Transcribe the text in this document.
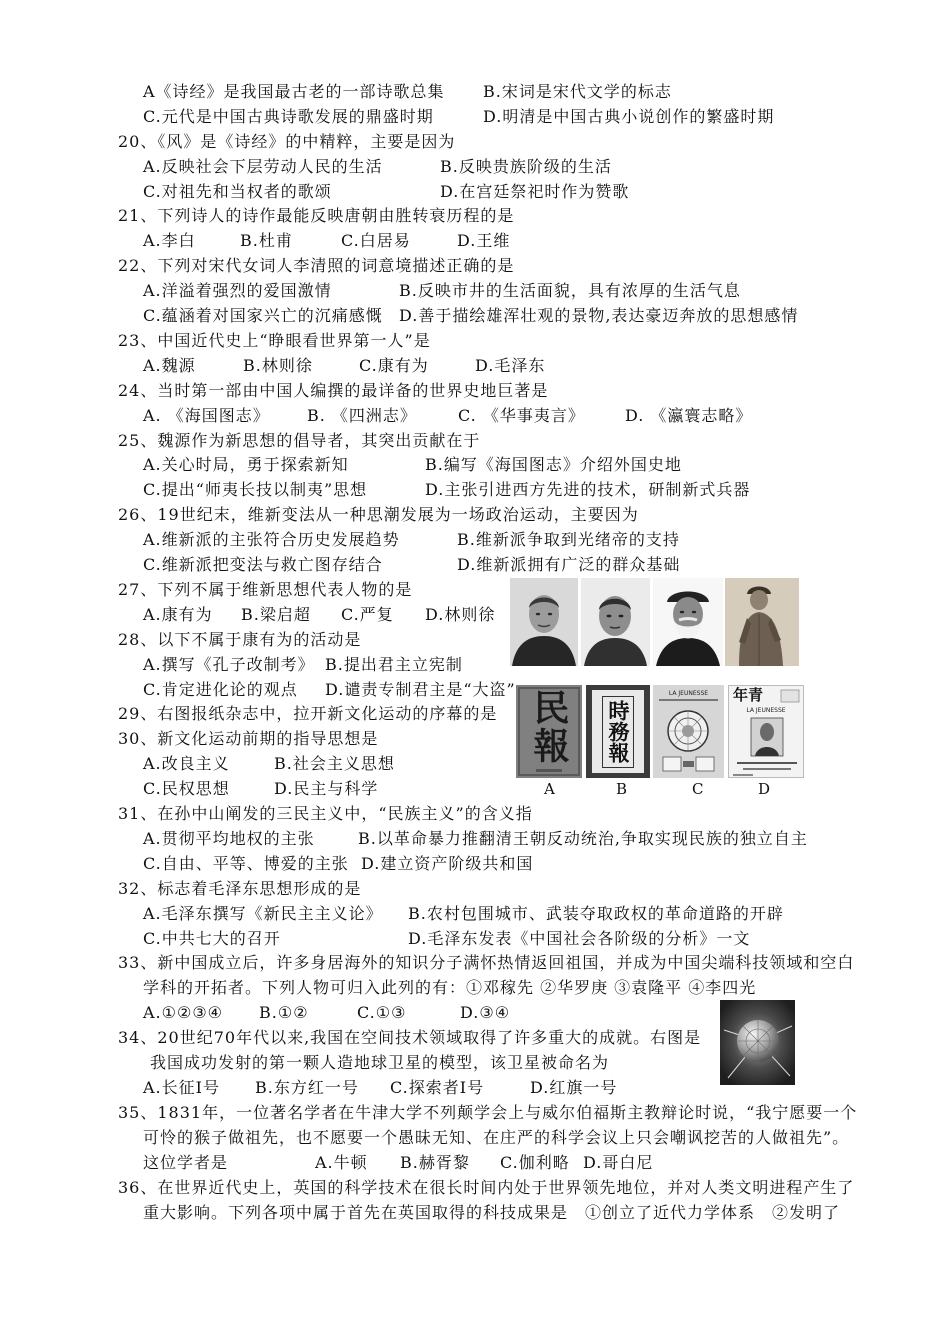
A《诗经》是我国最古老的一部诗歌总集 B.宋词是宋代文学的标志
C.元代是中国古典诗歌发展的鼎盛时期	D.明清是中国古典小说创作的繁盛时期
20、《风》是《诗经》的中精粹，主要是因为
A.反映社会下层劳动人民的生活	B.反映贵族阶级的生活
C.对祖先和当权者的歌颂	D.在宫廷祭祀时作为赞歌
21、下列诗人的诗作最能反映唐朝由胜转衰历程的是
A.李白	B.杜甫	C.白居易	D.王维
22、下列对宋代女词人李清照的词意境描述正确的是
A.洋溢着强烈的爱国激情	B.反映市井的生活面貌，具有浓厚的生活气息
C.蕴涵着对国家兴亡的沉痛感慨 D.善于描绘雄浑壮观的景物,表达豪迈奔放的思想感情
23、中国近代史上“睁眼看世界第一人”是
A.魏源	B.林则徐	C.康有为	D.毛泽东
24、当时第一部由中国人编撰的最详备的世界史地巨著是
A. 《海国图志》 B. 《四洲志》	C. 《华事夷言》	D. 《瀛寰志略》
25、魏源作为新思想的倡导者，其突出贡献在于
A.关心时局，勇于探索新知	B.编写《海国图志》介绍外国史地
C.提出“师夷长技以制夷”思想	D.主张引进西方先进的技术，研制新式兵器
26、19世纪末，维新变法从一种思潮发展为一场政治运动，主要因为
A.维新派的主张符合历史发展趋势	B.维新派争取到光绪帝的支持
C.维新派把变法与救亡图存结合	D.维新派拥有广泛的群众基础
27、下列不属于维新思想代表人物的是
A.康有为 B.梁启超 C.严复 D.林则徐
28、以下不属于康有为的活动是
A.撰写《孔子改制考》 B.提出君主立宪制
C.肯定进化论的观点 D.谴责专制君主是“大盗”
29、右图报纸杂志中，拉开新文化运动的序幕的是
30、新文化运动前期的指导思想是
A.改良主义	B.社会主义思想
C.民权思想	D.民主与科学	A	B	C	D
31、在孙中山阐发的三民主义中，“民族主义”的含义指
A.贯彻平均地权的主张	B.以革命暴力推翻清王朝反动统治,争取实现民族的独立自主
C.自由、平等、博爱的主张 D.建立资产阶级共和国
32、标志着毛泽东思想形成的是
A.毛泽东撰写《新民主主义论》 B.农村包围城市、武装夺取政权的革命道路的开辟
C.中共七大的召开	D.毛泽东发表《中国社会各阶级的分析》一文
33、新中国成立后，许多身居海外的知识分子满怀热情返回祖国，并成为中国尖端科技领域和空白
学科的开拓者。下列人物可归入此列的有：①邓稼先 ②华罗庚 ③袁隆平 ④李四光
A.①②③④ B.①②	C.①③	D.③④
34、20世纪70年代以来,我国在空间技术领域取得了许多重大的成就。右图是
我国成功发射的第一颗人造地球卫星的模型，该卫星被命名为
A.长征Ⅰ号 B.东方红一号 C.探索者Ⅰ号	D.红旗一号
35、1831年，一位著名学者在牛津大学不列颠学会上与威尔伯福斯主教辩论时说，“我宁愿要一个
可怜的猴子做祖先，也不愿要一个愚昧无知、在庄严的科学会议上只会嘲讽挖苦的人做祖先”。
这位学者是	A.牛顿 B.赫胥黎 C.伽利略 D.哥白尼
36、在世界近代史上，英国的科学技术在很长时间内处于世界领先地位，并对人类文明进程产生了
重大影响。下列各项中属于首先在英国取得的科技成果是　①创立了近代力学体系　②发明了
民報 時務報
LA JEUNESSE	年青
LA JEUNESSE
